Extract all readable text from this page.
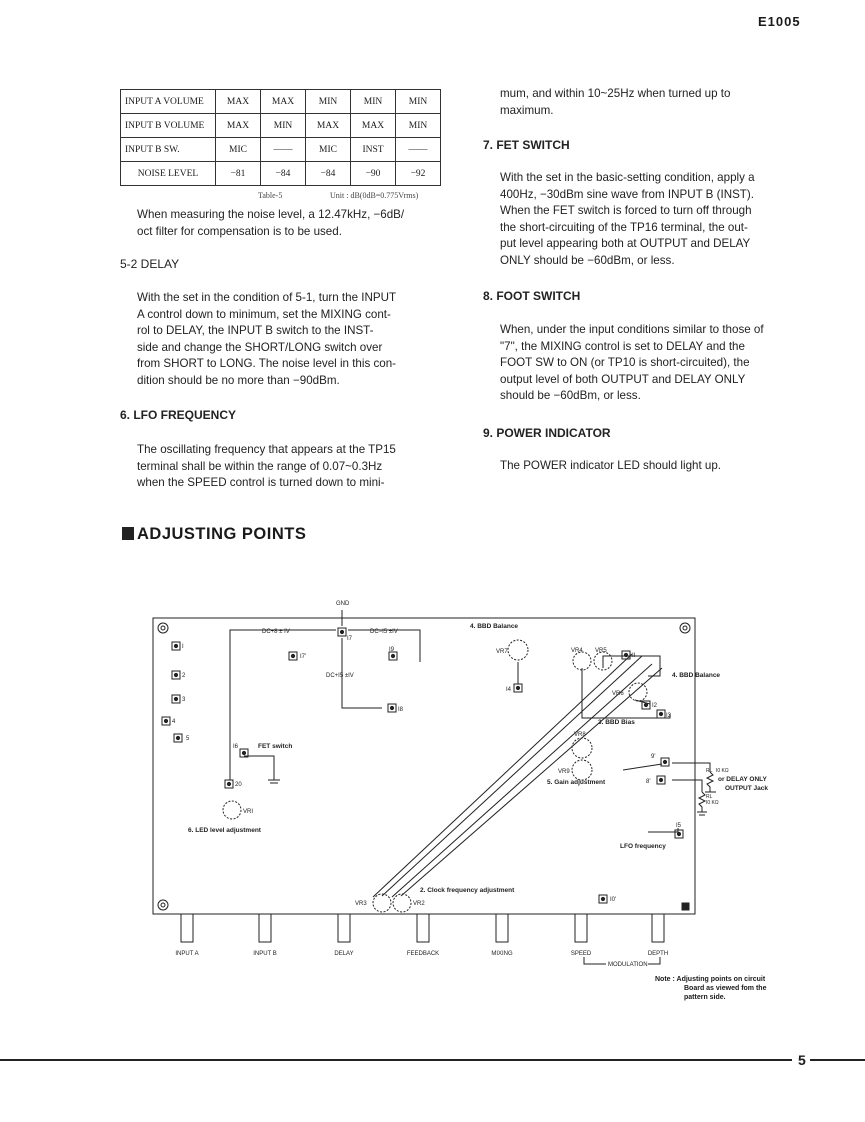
E1005
INPUT A VOLUME	MAX	MAX	MIN	MIN	MIN
INPUT B VOLUME	MAX	MIN	MAX	MAX	MIN
INPUT B SW.	MIC	——	MIC	INST	——
NOISE LEVEL	−81	−84	−84	−90	−92
Table-5	Unit : dB(0dB=0.775Vrms)
When measuring the noise level, a 12.47kHz, −6dB/
oct filter for compensation is to be used.
5-2 DELAY
With the set in the condition of 5-1, turn the INPUT
A control down to minimum, set the MIXING cont-
rol to DELAY, the INPUT B switch to the INST-
side and change the SHORT/LONG switch over
from SHORT to LONG. The noise level in this con-
dition should be no more than −90dBm.
6. LFO FREQUENCY
The oscillating frequency that appears at the TP15
terminal shall be within the range of 0.07~0.3Hz
when the SPEED control is turned down to mini-
mum, and within 10~25Hz when turned up to
maximum.
7. FET SWITCH
With the set in the basic-setting condition, apply a
400Hz, −30dBm sine wave from INPUT B (INST).
When the FET switch is forced to turn off through
the short-circuiting of the TP16 terminal, the out-
put level appearing both at OUTPUT and DELAY
ONLY should be −60dBm, or less.
8. FOOT SWITCH
When, under the input conditions similar to those of
"7", the MIXING control is set to DELAY and the
FOOT SW to ON (or TP10 is short-circuited), the
output level of both OUTPUT and DELAY ONLY
should be −60dBm, or less.
9. POWER INDICATOR
The POWER indicator LED should light up.
ADJUSTING POINTS
GND
DC+8 ± IV	DC−I5 ±IV
DC+I5 ±IV
I
2
3
4
5
I7
I7'
I9
I8
I6
20
I4
II
I2
I3
9'
8'
I5
I0'
VRI
VR2
VR3
VR4 VR5
VR6
VR7
VR8
VR9	RL I0 KΩ
RL
I0 KΩ
FET switch
4. BBD Balance
4. BBD Balance
3. BBD Bias
5. Gain adjustment
6. LED level adjustment
LFO frequency
2. Clock frequency adjustment
or DELAY ONLY
OUTPUT Jack
INPUT A	INPUT B	DELAY	FEEDBACK	MIXING	SPEED	DEPTH
MODULATION
Note : Adjusting points on circuit
Board as viewed fom the
pattern side.
5
